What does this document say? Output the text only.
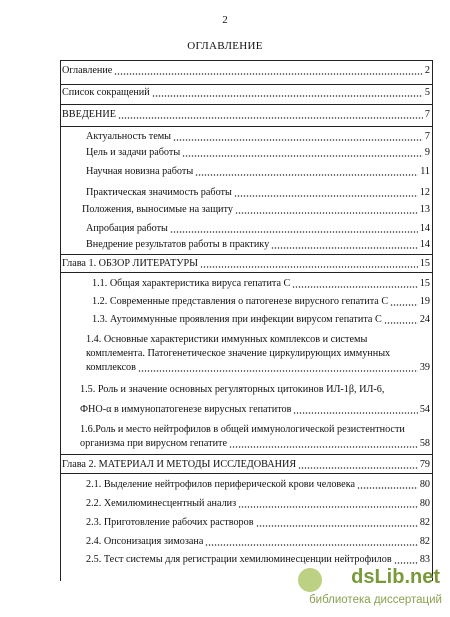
2
ОГЛАВЛЕНИЕ
Оглавление	2
Список сокращений	5
ВВЕДЕНИЕ	7
Актуальность темы	7
Цель и задачи работы	9
Научная новизна работы	11
Практическая значимость работы	12
Положения, выносимые на защиту	13
Апробация работы	14
Внедрение результатов работы в практику	14
Глава 1. ОБЗОР ЛИТЕРАТУРЫ	15
1.1. Общая характеристика вируса гепатита С	15
1.2. Современные представления о патогенезе вирусного гепатита С	19
1.3. Аутоиммунные проявления при инфекции вирусом гепатита С	24
1.4. Основные характеристики иммунных комплексов и системы
комплемента. Патогенетическое значение циркулирующих иммунных
комплексов	39
1.5. Роль и значение основных регуляторных цитокинов ИЛ-1β, ИЛ-6,
ФНО-α в иммунопатогенезе вирусных гепатитов	54
1.6.Роль и место нейтрофилов в общей иммунологической резистентности
организма при вирусном гепатите	58
Глава 2. МАТЕРИАЛ И МЕТОДЫ ИССЛЕДОВАНИЯ	79
2.1. Выделение нейтрофилов периферической крови человека	80
2.2. Хемилюминесцентный анализ	80
2.3. Приготовление рабочих растворов	82
2.4. Опсонизация зимозана	82
2.5. Тест системы для регистрации хемилюминесценции нейтрофилов	83
dsLib.net
библиотека диссертаций
